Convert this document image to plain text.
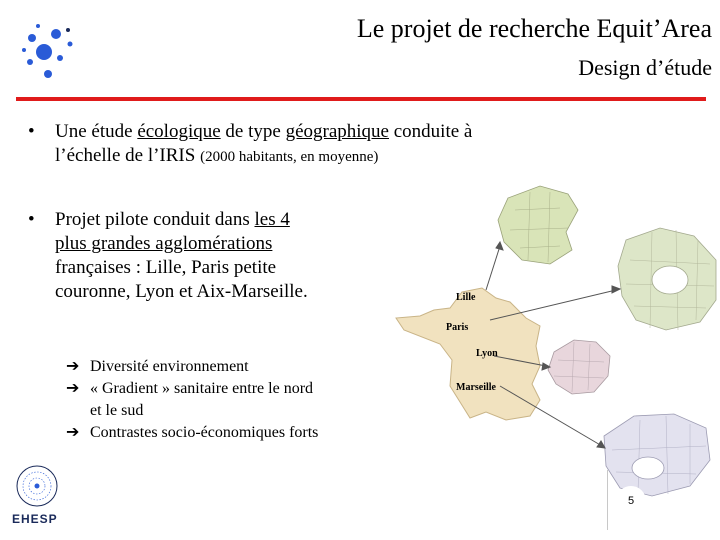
Le projet de recherche Equit’Area
Design d’étude
• Une étude écologique de type géographique conduite à
l’échelle de l’IRIS (2000 habitants, en moyenne)
• Projet pilote conduit dans les 4
plus grandes agglomérations
françaises : Lille, Paris petite
couronne, Lyon et Aix-Marseille.
➔ Diversité environnement
➔ « Gradient » sanitaire entre le nord
et le sud
➔ Contrastes socio-économiques forts
Lille
Paris
Lyon
Marseille
EHESP
5
